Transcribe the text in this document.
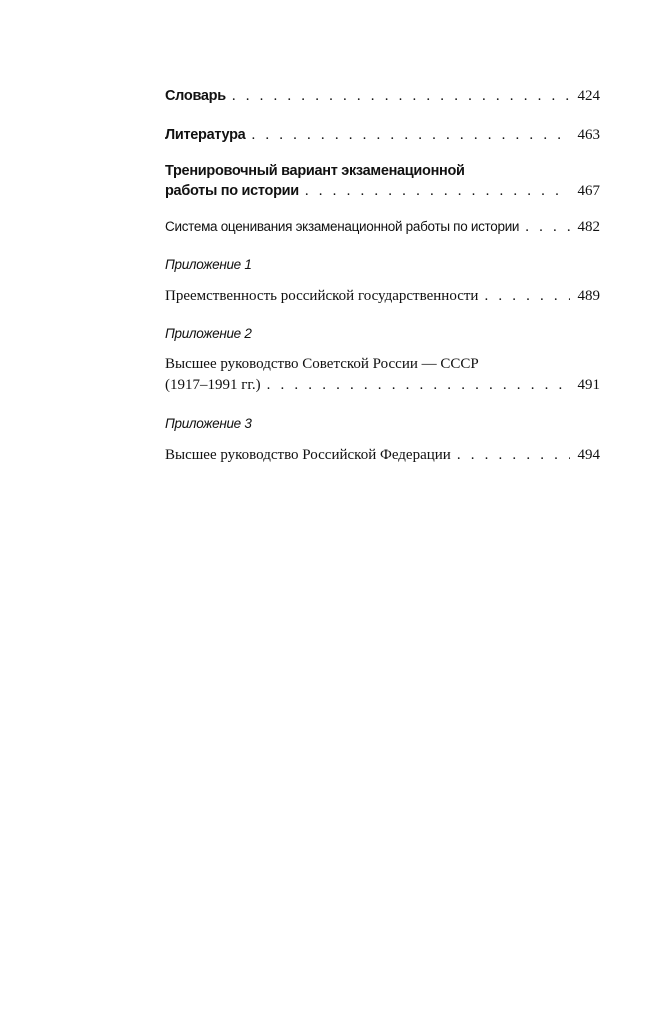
Словарь . . .	424
Литература . . .	463
Тренировочный вариант экзаменационной
работы по истории . . .	467
Система оценивания экзаменационной работы по истории . . .	482
Приложение 1
Преемственность российской государственности . . .	489
Приложение 2
Высшее руководство Советской России — СССР
(1917–1991 гг.) . . .	491
Приложение 3
Высшее руководство Российской Федерации . . .	494
